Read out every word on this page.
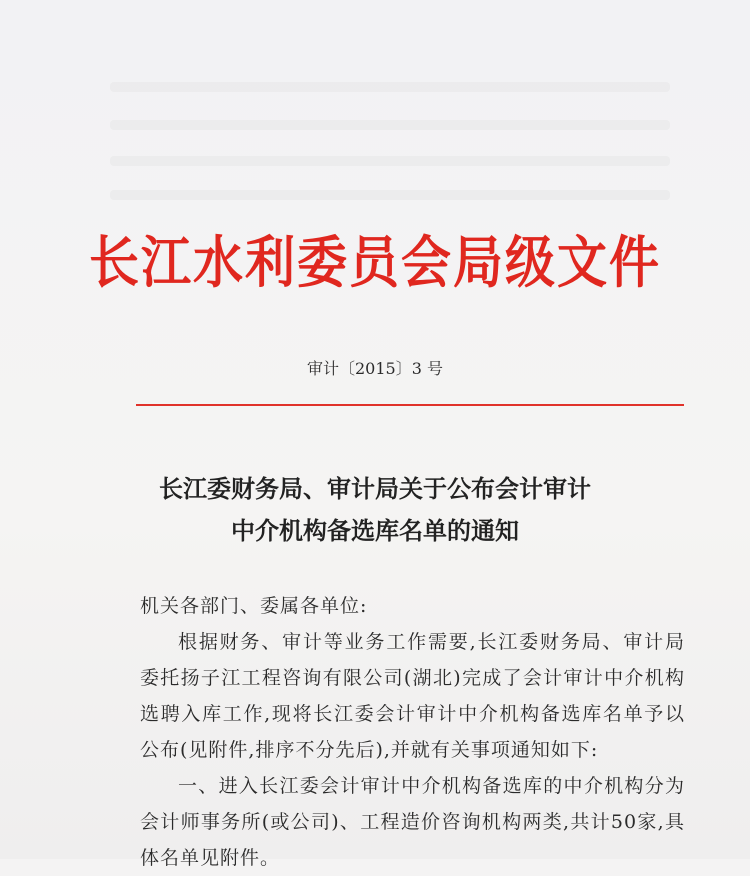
长江水利委员会局级文件
审计〔2015〕3 号
长江委财务局、审计局关于公布会计审计
中介机构备选库名单的通知

机关各部门、委属各单位:

根据财务、审计等业务工作需要,长江委财务局、审计局委托扬子江工程咨询有限公司(湖北)完成了会计审计中介机构选聘入库工作,现将长江委会计审计中介机构备选库名单予以公布(见附件,排序不分先后),并就有关事项通知如下:

一、进入长江委会计审计中介机构备选库的中介机构分为会计师事务所(或公司)、工程造价咨询机构两类,共计50家,具体名单见附件。
